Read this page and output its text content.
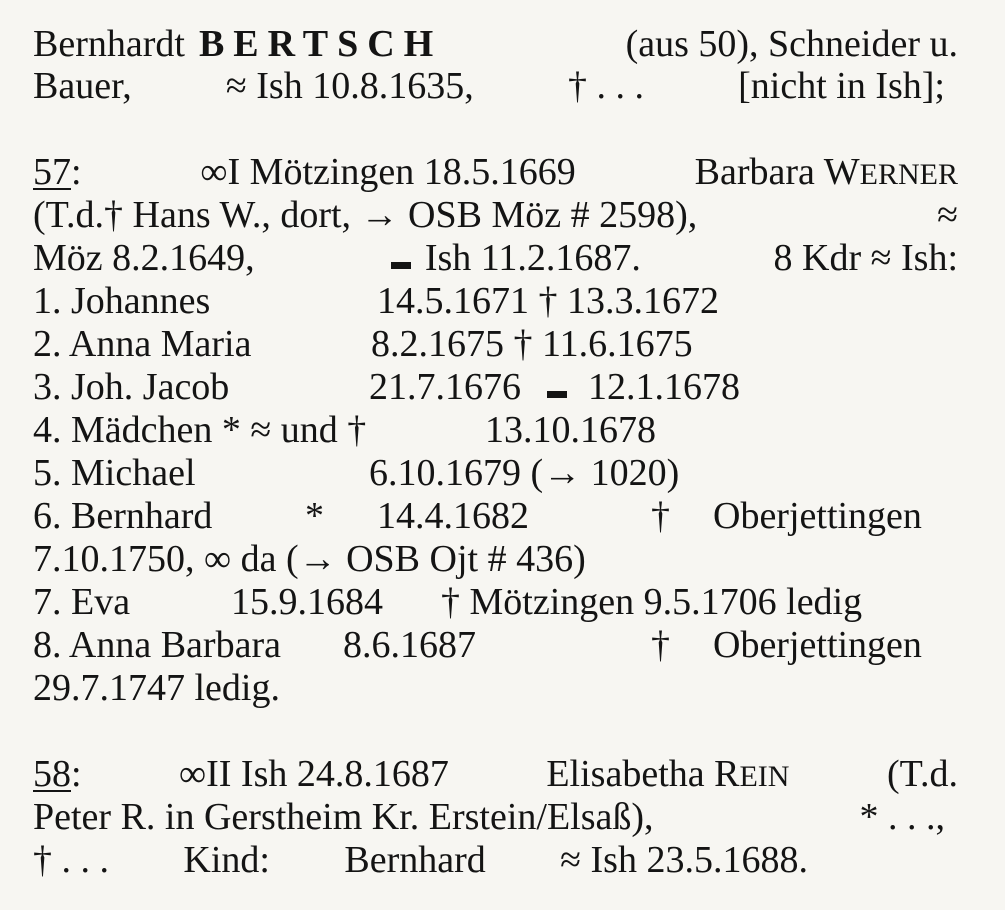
Bernhardt BERTSCH	(aus 50), Schneider u.
Bauer, ≈ Ish 10.8.1635, † . . . [nicht in Ish];
57:	∞I Mötzingen 18.5.1669	Barbara WERNER
(T.d.† Hans W., dort, → OSB Möz # 2598),	≈
Möz 8.2.1649,	Ish 11.2.1687.	8 Kdr ≈ Ish:
1. Johannes	14.5.1671 † 13.3.1672
2. Anna Maria	8.2.1675 † 11.6.1675
3. Joh. Jacob	21.7.1676 12.1.1678
4. Mädchen * ≈ und †	13.10.1678
5. Michael	6.10.1679 (→ 1020)
6. Bernhard * 14.4.1682	† Oberjettingen
7.10.1750, ∞ da (→ OSB Ojt # 436)
7. Eva	15.9.1684 † Mötzingen 9.5.1706 ledig
8. Anna Barbara 8.6.1687	† Oberjettingen
29.7.1747 ledig.
58:	∞II Ish 24.8.1687	Elisabetha REIN	(T.d.
Peter R. in Gerstheim Kr. Erstein/Elsaß),	* . . .,
† . . . Kind: Bernhard ≈ Ish 23.5.1688.
